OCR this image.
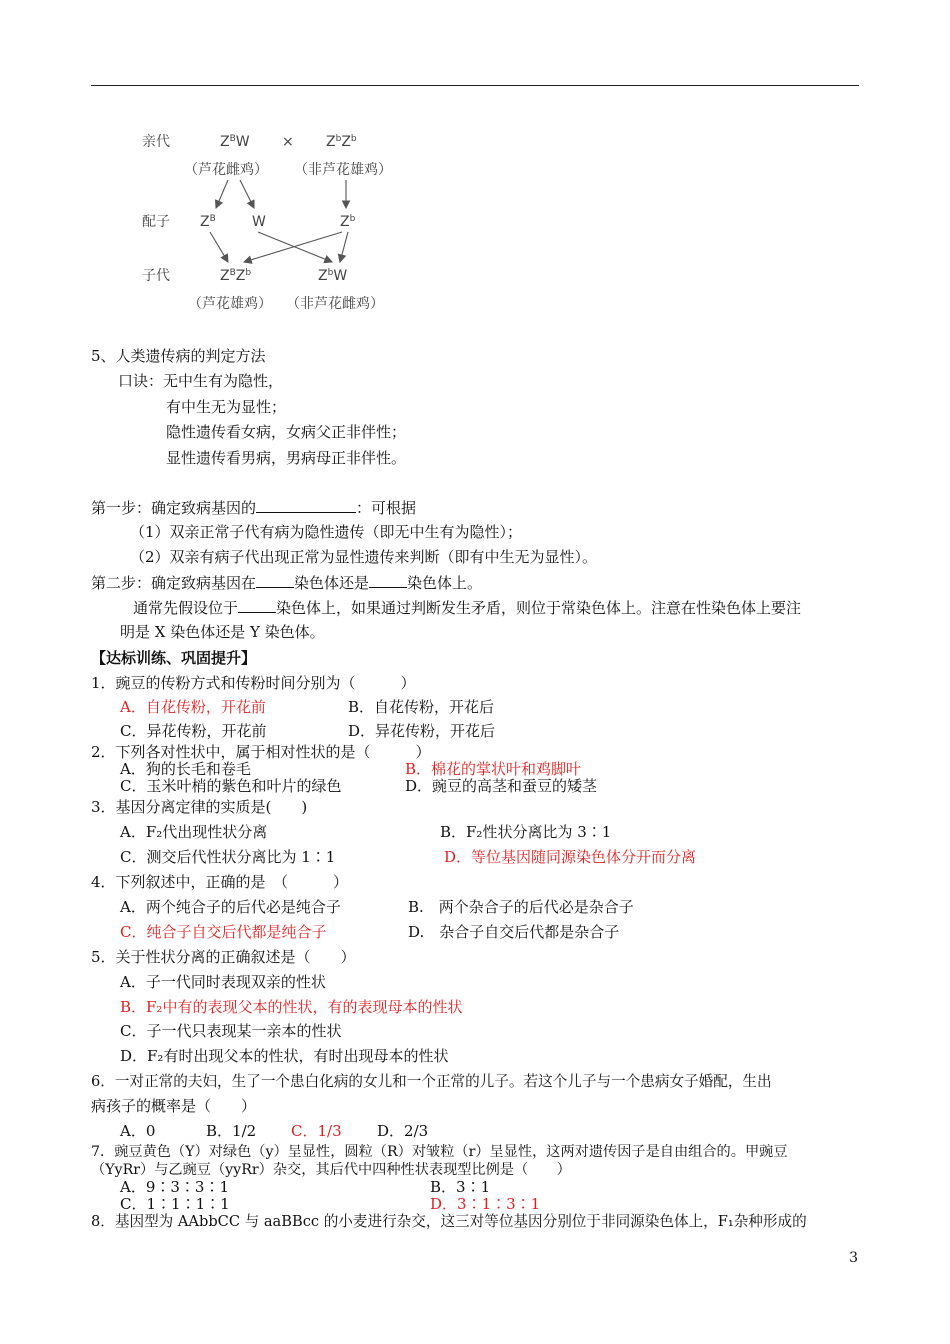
亲代	$Z^BW \times Z^bZ^b$
（芦花雌鸡） （非芦花雄鸡）
配子 $Z^B$	W	$Z^b$
子代	$Z^BZ^b$	$Z^bW$
（芦花雄鸡） （非芦花雌鸡）
5、人类遗传病的判定方法
口诀：无中生有为隐性，
有中生无为显性；
隐性遗传看女病，女病父正非伴性；
显性遗传看男病，男病母正非伴性。
第一步：确定致病基因的	：可根据
（1）双亲正常子代有病为隐性遗传（即无中生有为隐性）；
（2）双亲有病子代出现正常为显性遗传来判断（即有中生无为显性）。
第二步：确定致病基因在	染色体还是	染色体上。
通常先假设位于	染色体上，如果通过判断发生矛盾，则位于常染色体上。注意在性染色体上要注
明是 X 染色体还是 Y 染色体。
【达标训练、巩固提升】
1．豌豆的传粉方式和传粉时间分别为（　　　）
A．自花传粉，开花前	B．自花传粉，开花后
C．异花传粉，开花前	D．异花传粉，开花后
2．下列各对性状中，属于相对性状的是（　　　）
A．狗的长毛和卷毛	B．棉花的掌状叶和鸡脚叶
C．玉米叶梢的紫色和叶片的绿色	D．豌豆的高茎和蚕豆的矮茎
3．基因分离定律的实质是(　　)
A．F₂代出现性状分离	B．F₂性状分离比为 3∶1
C．测交后代性状分离比为 1∶1	D．等位基因随同源染色体分开而分离
4．下列叙述中，正确的是　（　　　）
A．两个纯合子的后代必是纯合子	B.　两个杂合子的后代必是杂合子
C．纯合子自交后代都是纯合子	D.　杂合子自交后代都是杂合子
5．关于性状分离的正确叙述是（　　）
A．子一代同时表现双亲的性状
B．F₂中有的表现父本的性状，有的表现母本的性状
C．子一代只表现某一亲本的性状
D．F₂有时出现父本的性状，有时出现母本的性状
6．一对正常的夫妇，生了一个患白化病的女儿和一个正常的儿子。若这个儿子与一个患病女子婚配，生出
病孩子的概率是（　　）
A．0	B．1/2 C．1/3 D．2/3
7．豌豆黄色（Y）对绿色（y）呈显性，圆粒（R）对皱粒（r）呈显性，这两对遗传因子是自由组合的。甲豌豆
（YyRr）与乙豌豆（yyRr）杂交，其后代中四种性状表现型比例是（　　）
A．9∶3∶3∶1	B．3∶1
C．1∶1∶1∶1	D．3∶1∶3∶1
8．基因型为 AAbbCC 与 aaBBcc 的小麦进行杂交，这三对等位基因分别位于非同源染色体上，F₁杂种形成的
3
